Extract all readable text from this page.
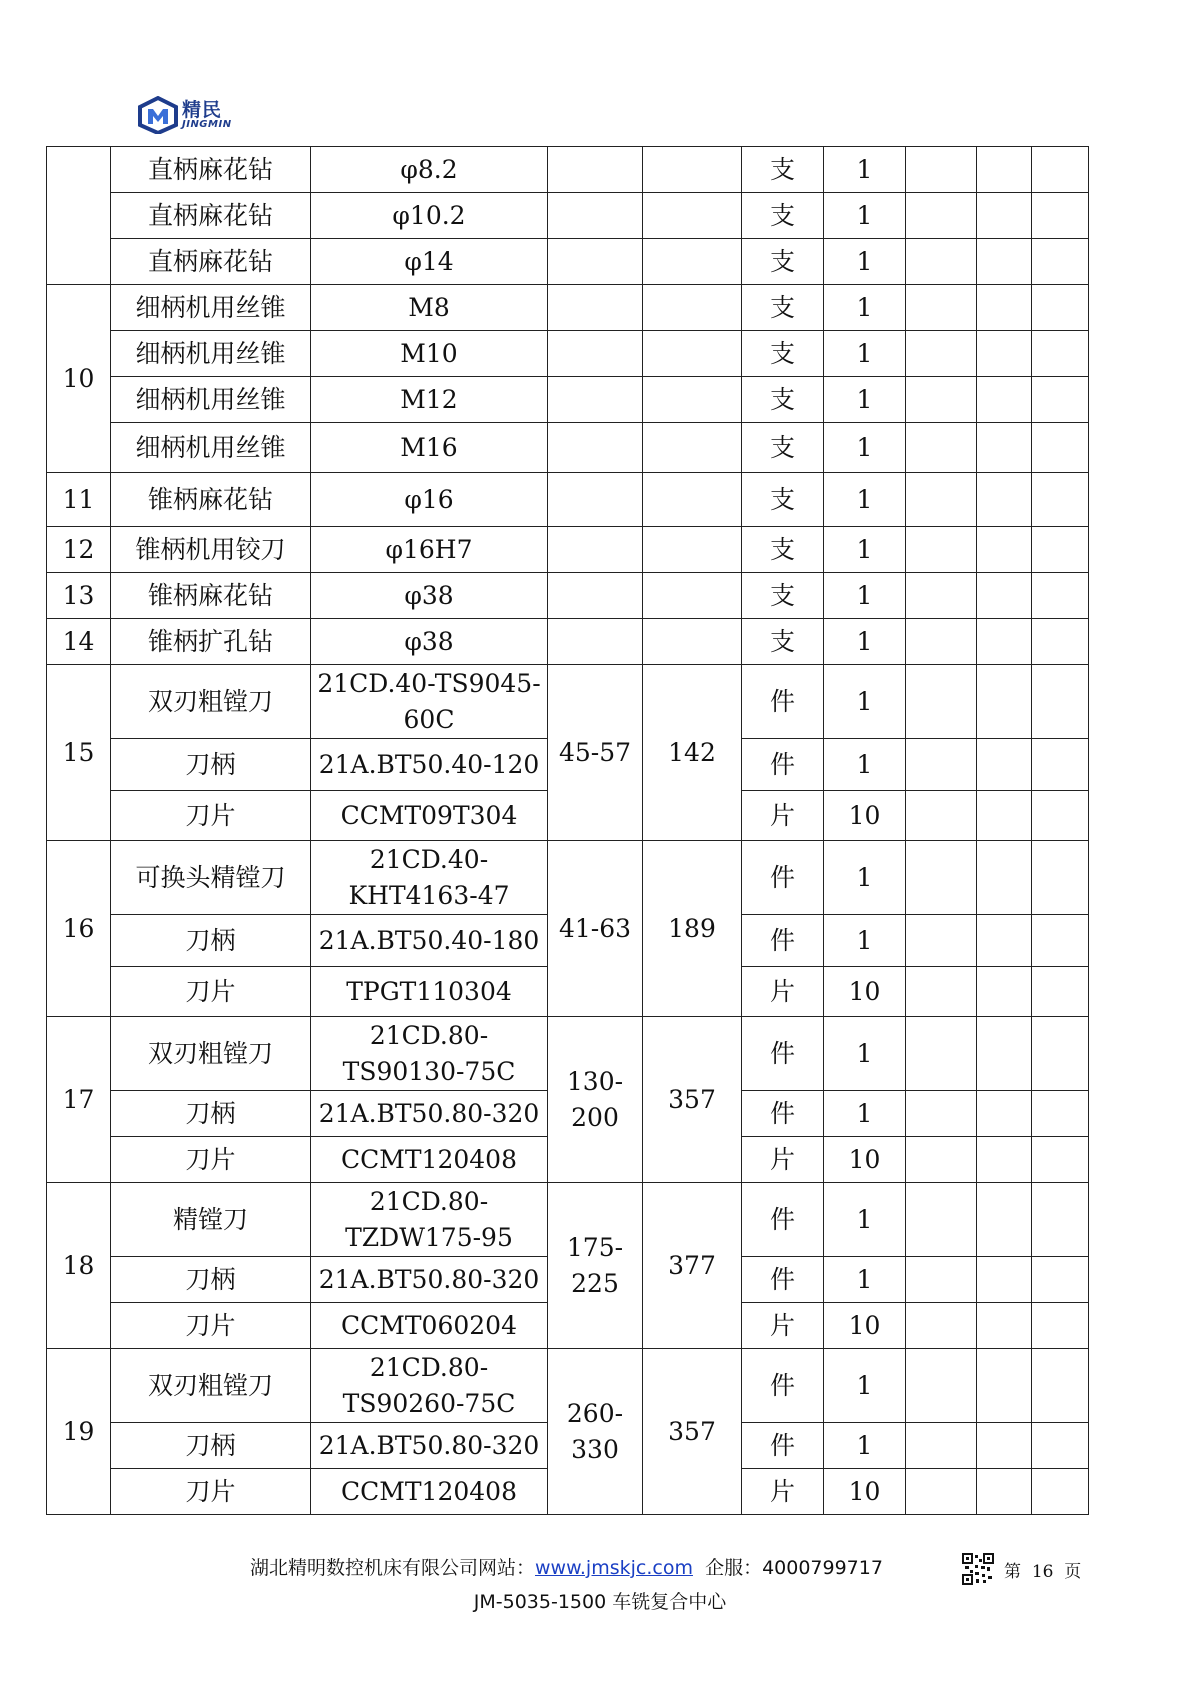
精民
JINGMIN
	直柄麻花钻	φ8.2			支	1			
	直柄麻花钻	φ10.2			支	1			
	直柄麻花钻	φ14			支	1			
10	细柄机用丝锥	M8			支	1			
	细柄机用丝锥	M10			支	1			
	细柄机用丝锥	M12			支	1			
	细柄机用丝锥	M16			支	1			
11	锥柄麻花钻	φ16			支	1			
12	锥柄机用铰刀	φ16H7			支	1			
13	锥柄麻花钻	φ38			支	1			
14	锥柄扩孔钻	φ38			支	1			
15	双刃粗镗刀	21CD.40-TS9045-60C	45-57	142	件	1			
	刀柄	21A.BT50.40-120			件	1			
	刀片	CCMT09T304			片	10			
16	可换头精镗刀	21CD.40-KHT4163-47	41-63	189	件	1			
	刀柄	21A.BT50.40-180			件	1			
	刀片	TPGT110304			片	10			
17	双刃粗镗刀	21CD.80-TS90130-75C	130-200	357	件	1			
	刀柄	21A.BT50.80-320			件	1			
	刀片	CCMT120408			片	10			
18	精镗刀	21CD.80-TZDW175-95	175-225	377	件	1			
	刀柄	21A.BT50.80-320			件	1			
	刀片	CCMT060204			片	10			
19	双刃粗镗刀	21CD.80-TS90260-75C	260-330	357	件	1			
	刀柄	21A.BT50.80-320			件	1			
	刀片	CCMT120408			片	10			
湖北精明数控机床有限公司网站：www.jmskjc.com 企服：4000799717	第 16 页
JM-5035-1500 车铣复合中心
